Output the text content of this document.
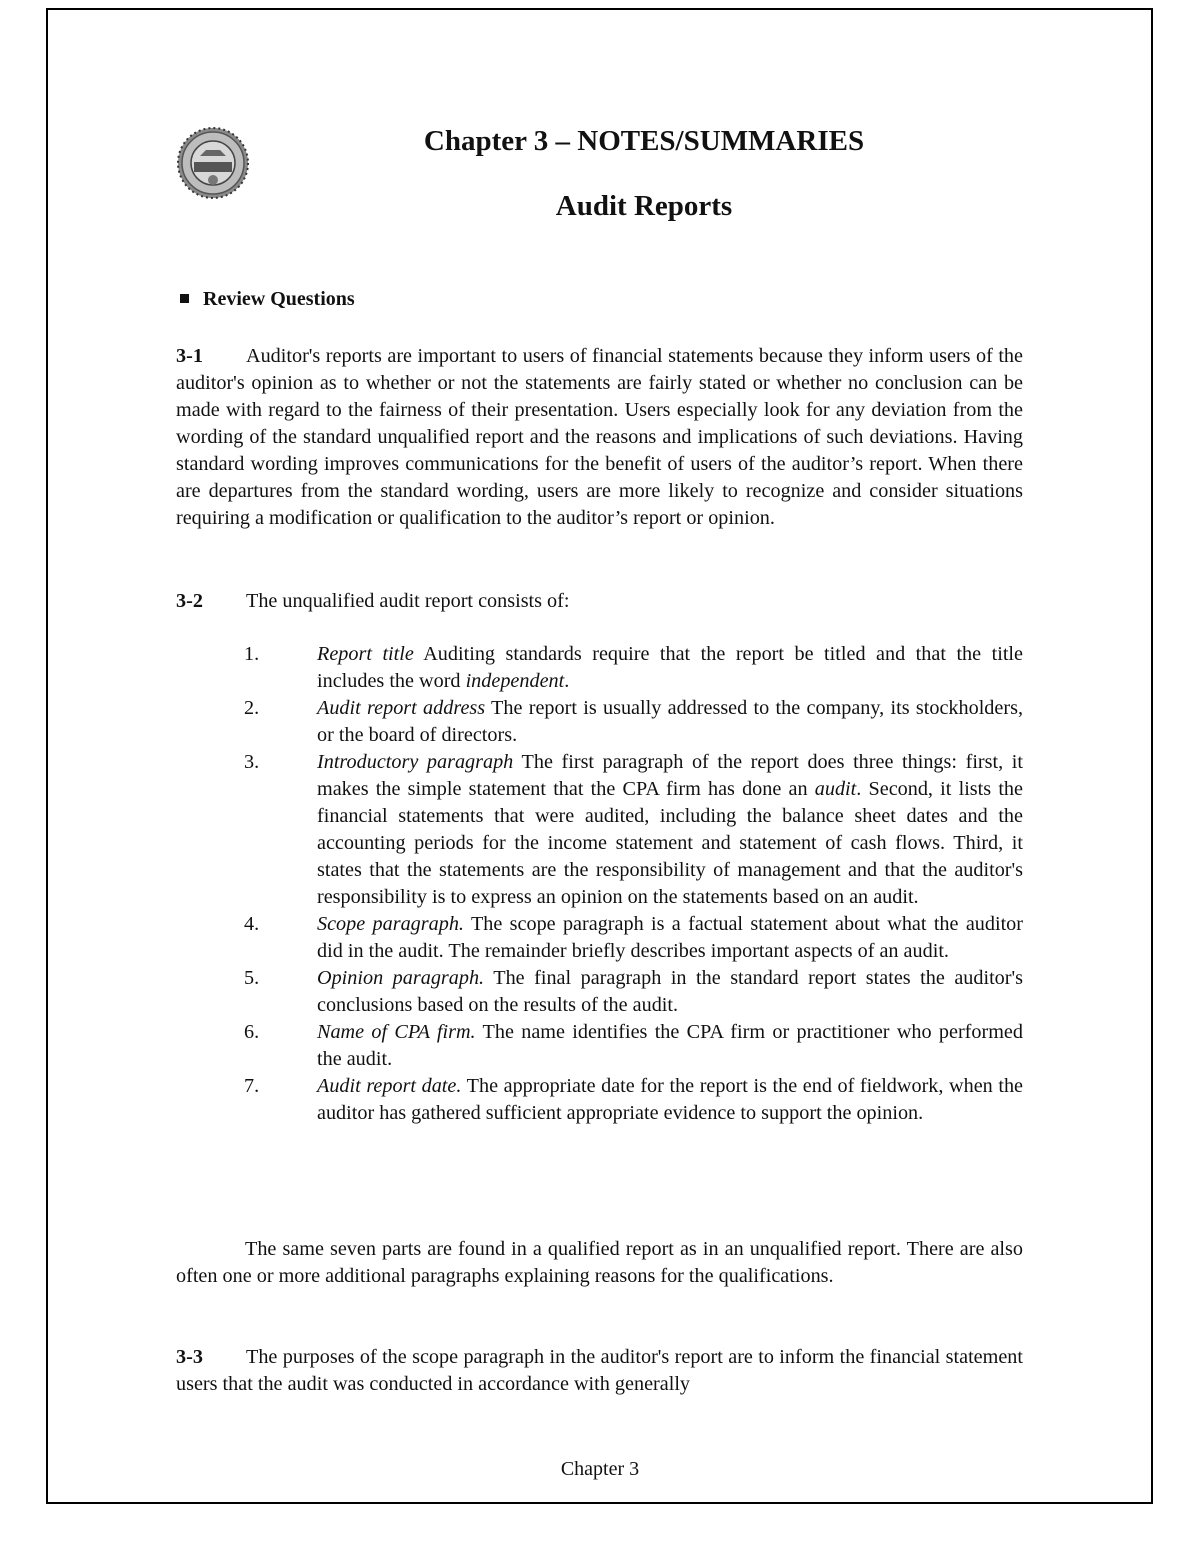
Chapter 3 – NOTES/SUMMARIES
Audit Reports
Review Questions
3-1 Auditor's reports are important to users of financial statements because they inform users of the auditor's opinion as to whether or not the statements are fairly stated or whether no conclusion can be made with regard to the fairness of their presentation. Users especially look for any deviation from the wording of the standard unqualified report and the reasons and implications of such deviations. Having standard wording improves communications for the benefit of users of the auditor’s report. When there are departures from the standard wording, users are more likely to recognize and consider situations requiring a modification or qualification to the auditor’s report or opinion.
3-2 The unqualified audit report consists of:
1.	Report title Auditing standards require that the report be titled and that the title includes the word independent.
2.	Audit report address The report is usually addressed to the company, its stockholders, or the board of directors.
3.	Introductory paragraph The first paragraph of the report does three things: first, it makes the simple statement that the CPA firm has done an audit. Second, it lists the financial statements that were audited, including the balance sheet dates and the accounting periods for the income statement and statement of cash flows. Third, it states that the statements are the responsibility of management and that the auditor's responsibility is to express an opinion on the statements based on an audit.
4.	Scope paragraph. The scope paragraph is a factual statement about what the auditor did in the audit. The remainder briefly describes important aspects of an audit.
5.	Opinion paragraph. The final paragraph in the standard report states the auditor's conclusions based on the results of the audit.
6.	Name of CPA firm. The name identifies the CPA firm or practitioner who performed the audit.
7.	Audit report date. The appropriate date for the report is the end of fieldwork, when the auditor has gathered sufficient appropriate evidence to support the opinion.
The same seven parts are found in a qualified report as in an unqualified report. There are also often one or more additional paragraphs explaining reasons for the qualifications.
3-3 The purposes of the scope paragraph in the auditor's report are to inform the financial statement users that the audit was conducted in accordance with generally
Chapter 3
